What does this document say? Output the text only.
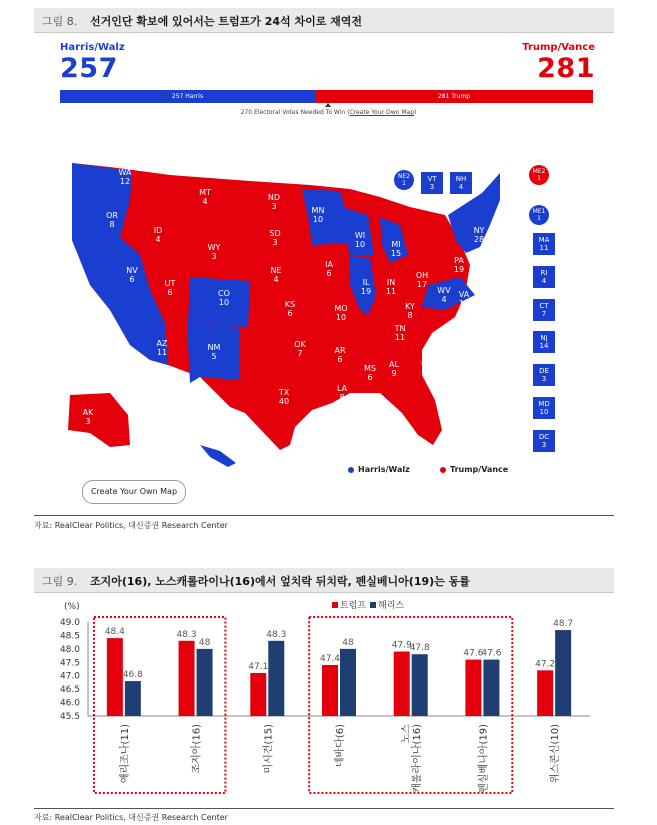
그림 8. 선거인단 확보에 있어서는 트럼프가 24석 차이로 재역전
Harris/Walz
257
Trump/Vance
281
257 Harris	281 Trump
270 Electoral Votes Needed To Win (Create Your Own Map)
WA
12
OR
8
CA
54
NV
6
ID
4
MT
4
WY
3
UT
6
AZ
11
CO
10
NM
5
ND
3
SD
3
NE
4
KS
6
OK
7
TX
40
MN
10
IA
6
MO
10
AR
6
LA
8
WI
10
IL
19
MI
15
IN
11
OH
17
KY
8
TN
11
MS
6
AL
9
GA
16
FL
30
SC
9
NC
16
VA
13
WV
4
PA
19
NY
28
ME
2
AK
3
HI
4
VT
3
NH
4
MA
11
RI
4
CT
7
NJ
14
DE
3
MD
10
DC
3
NE2
1
ME2
1
ME1
1
Harris/Walz	Trump/Vance
Create Your Own Map
자료: RealClear Politics, 대신증권 Research Center
그림 9. 조지아(16), 노스캐롤라이나(16)에서 엎치락 뒤치락, 펜실베니아(19)는 동률
(%)
49.0
48.5
48.0
47.5
47.0
46.5
46.0
45.5
트럼프 해리스
48.4
46.8
애리조나(11)
48.3
48
조지아(16)
47.1
48.3
미시건(15)
47.4
48
네바다(6)
47.9
47.8
노스 캐롤라이나(16)
47.6
47.6
펜실베니아(19)
47.2
48.7
위스콘신(10)
자료: RealClear Politics, 대신증권 Research Center
